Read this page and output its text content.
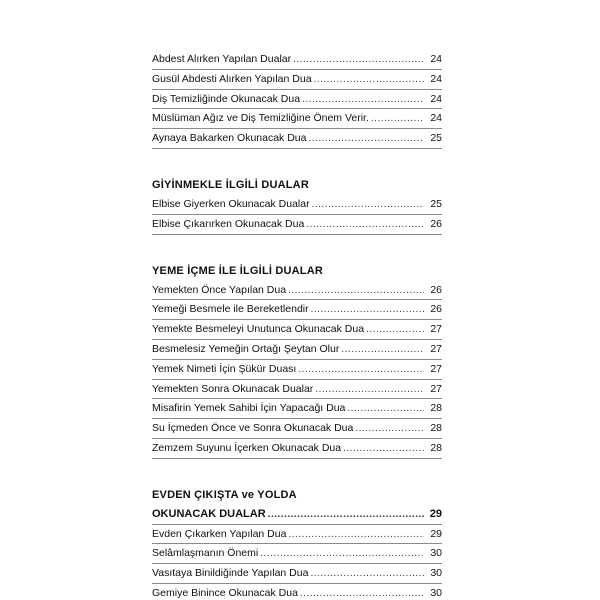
Abdest Alırken Yapılan Dualar .....	24
Gusül Abdesti Alırken Yapılan Dua .....	24
Diş Temizliğinde Okunacak Dua .....	24
Müslüman Ağız ve Diş Temizliğine Önem Verir. .....	24
Aynaya Bakarken Okunacak Dua .....	25
GİYİNMEKLE İLGİLİ DUALAR
Elbise Giyerken Okunacak Dualar .....	25
Elbise Çıkarırken Okunacak Dua .....	26
YEME İÇME İLE İLGİLİ DUALAR
Yemekten Önce Yapılan Dua .....	26
Yemeği Besmele ile Bereketlendir .....	26
Yemekte Besmeleyi Unutunca Okunacak Dua .....	27
Besmelesiz Yemeğin Ortağı Şeytan Olur .....	27
Yemek Nimeti İçin Şükür Duası .....	27
Yemekten Sonra Okunacak Dualar .....	27
Misafirin Yemek Sahibi İçin Yapacağı Dua .....	28
Su İçmeden Önce ve Sonra Okunacak Dua .....	28
Zemzem Suyunu İçerken Okunacak Dua .....	28
EVDEN ÇIKIŞTA ve YOLDA
OKUNACAK DUALAR .....	29
Evden Çıkarken Yapılan Dua .....	29
Selâmlaşmanın Önemi .....	30
Vasıtaya Binildiğinde Yapılan Dua .....	30
Gemiye Binince Okunacak Dua .....	30
